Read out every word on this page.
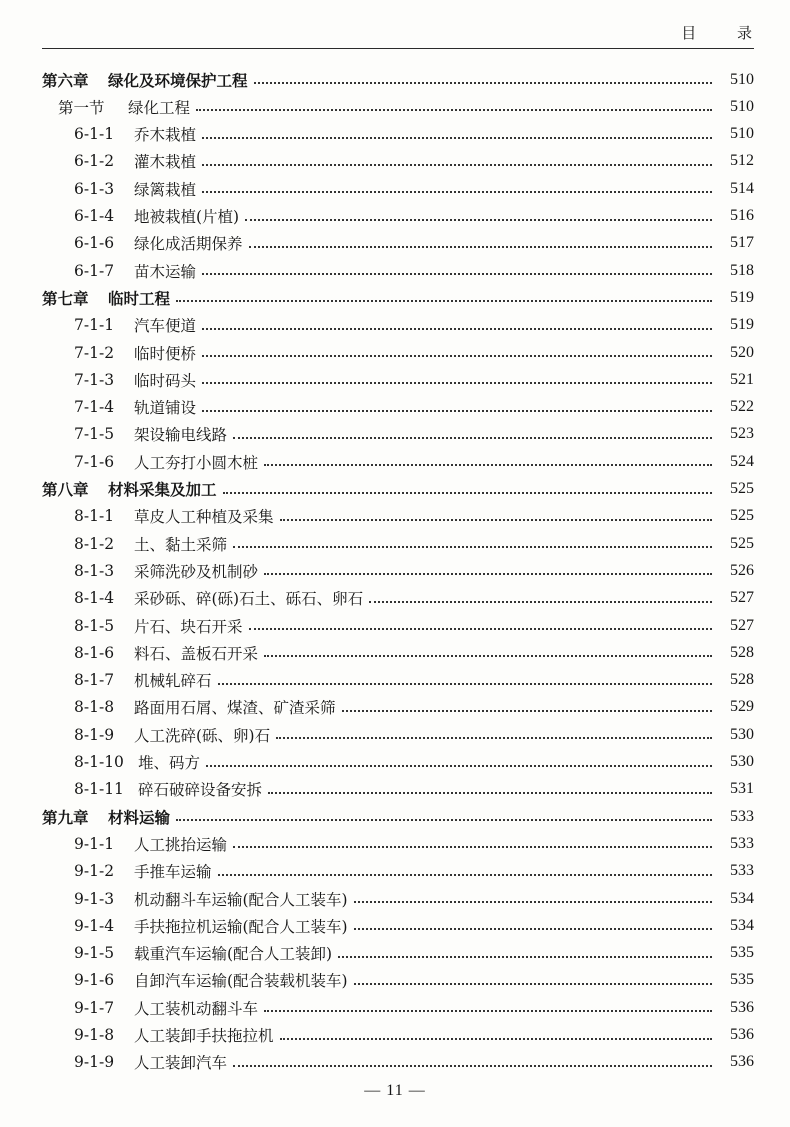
目 录
第六章	绿化及环境保护工程	510
第一节	绿化工程	510
6-1-1	乔木栽植	510
6-1-2	灌木栽植	512
6-1-3	绿篱栽植	514
6-1-4	地被栽植(片植)	516
6-1-6	绿化成活期保养	517
6-1-7	苗木运输	518
第七章	临时工程	519
7-1-1	汽车便道	519
7-1-2	临时便桥	520
7-1-3	临时码头	521
7-1-4	轨道铺设	522
7-1-5	架设输电线路	523
7-1-6	人工夯打小圆木桩	524
第八章	材料采集及加工	525
8-1-1	草皮人工种植及采集	525
8-1-2	土、黏土采筛	525
8-1-3	采筛洗砂及机制砂	526
8-1-4	采砂砾、碎(砾)石土、砾石、卵石	527
8-1-5	片石、块石开采	527
8-1-6	料石、盖板石开采	528
8-1-7	机械轧碎石	528
8-1-8	路面用石屑、煤渣、矿渣采筛	529
8-1-9	人工洗碎(砾、卵)石	530
8-1-10 堆、码方	530
8-1-11 碎石破碎设备安拆	531
第九章	材料运输	533
9-1-1	人工挑抬运输	533
9-1-2	手推车运输	533
9-1-3	机动翻斗车运输(配合人工装车)	534
9-1-4	手扶拖拉机运输(配合人工装车)	534
9-1-5	载重汽车运输(配合人工装卸)	535
9-1-6	自卸汽车运输(配合装载机装车)	535
9-1-7	人工装机动翻斗车	536
9-1-8	人工装卸手扶拖拉机	536
9-1-9	人工装卸汽车	536
— 11 —
